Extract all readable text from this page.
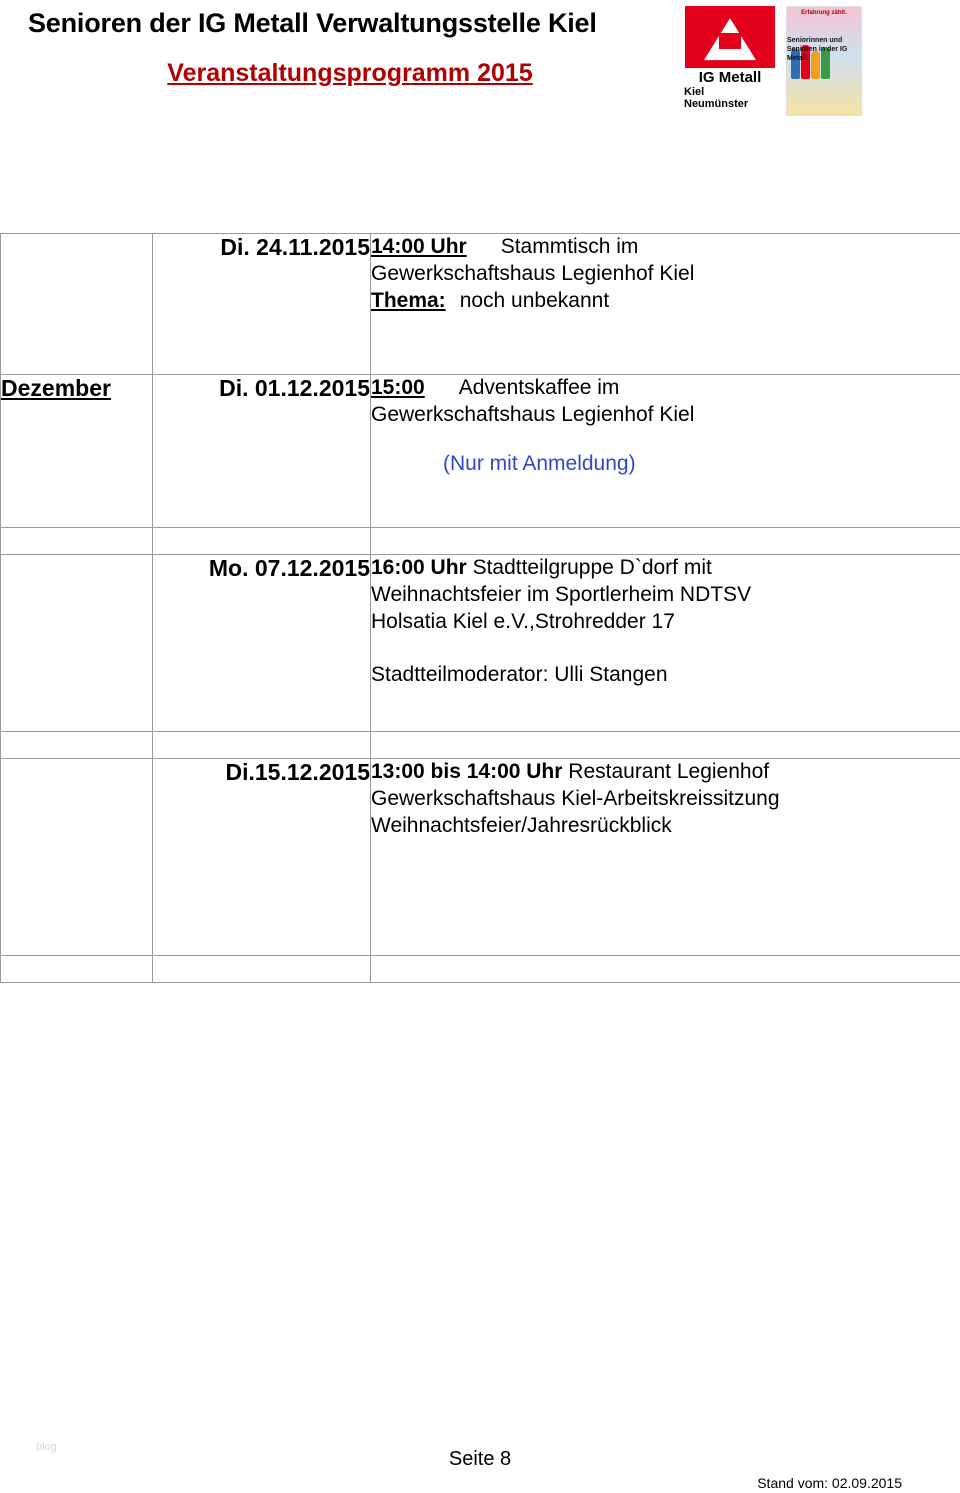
Senioren der IG Metall Verwaltungsstelle Kiel
Veranstaltungsprogramm 2015	IG Metall
Kiel
Neumünster
Erfahrung zählt.
Seniorinnen und Senioren in der IG Metall.
	Di. 24.11.2015	14:00 Uhr Stammtisch im
Gewerkschaftshaus Legienhof Kiel
Thema: noch unbekannt
Dezember	Di. 01.12.2015	15:00 Adventskaffee im
Gewerkschaftshaus Legienhof Kiel
(Nur mit Anmeldung)

	Mo. 07.12.2015	16:00 Uhr Stadtteilgruppe D`dorf mit
Weihnachtsfeier im Sportlerheim NDTSV
Holsatia Kiel e.V.,Strohredder 17
Stadtteilmoderator: Ulli Stangen

	Di.15.12.2015	13:00 bis 14:00 Uhr Restaurant Legienhof
Gewerkschaftshaus Kiel-Arbeitskreissitzung
Weihnachtsfeier/Jahresrückblick

blog
Seite 8
Stand vom: 02.09.2015
